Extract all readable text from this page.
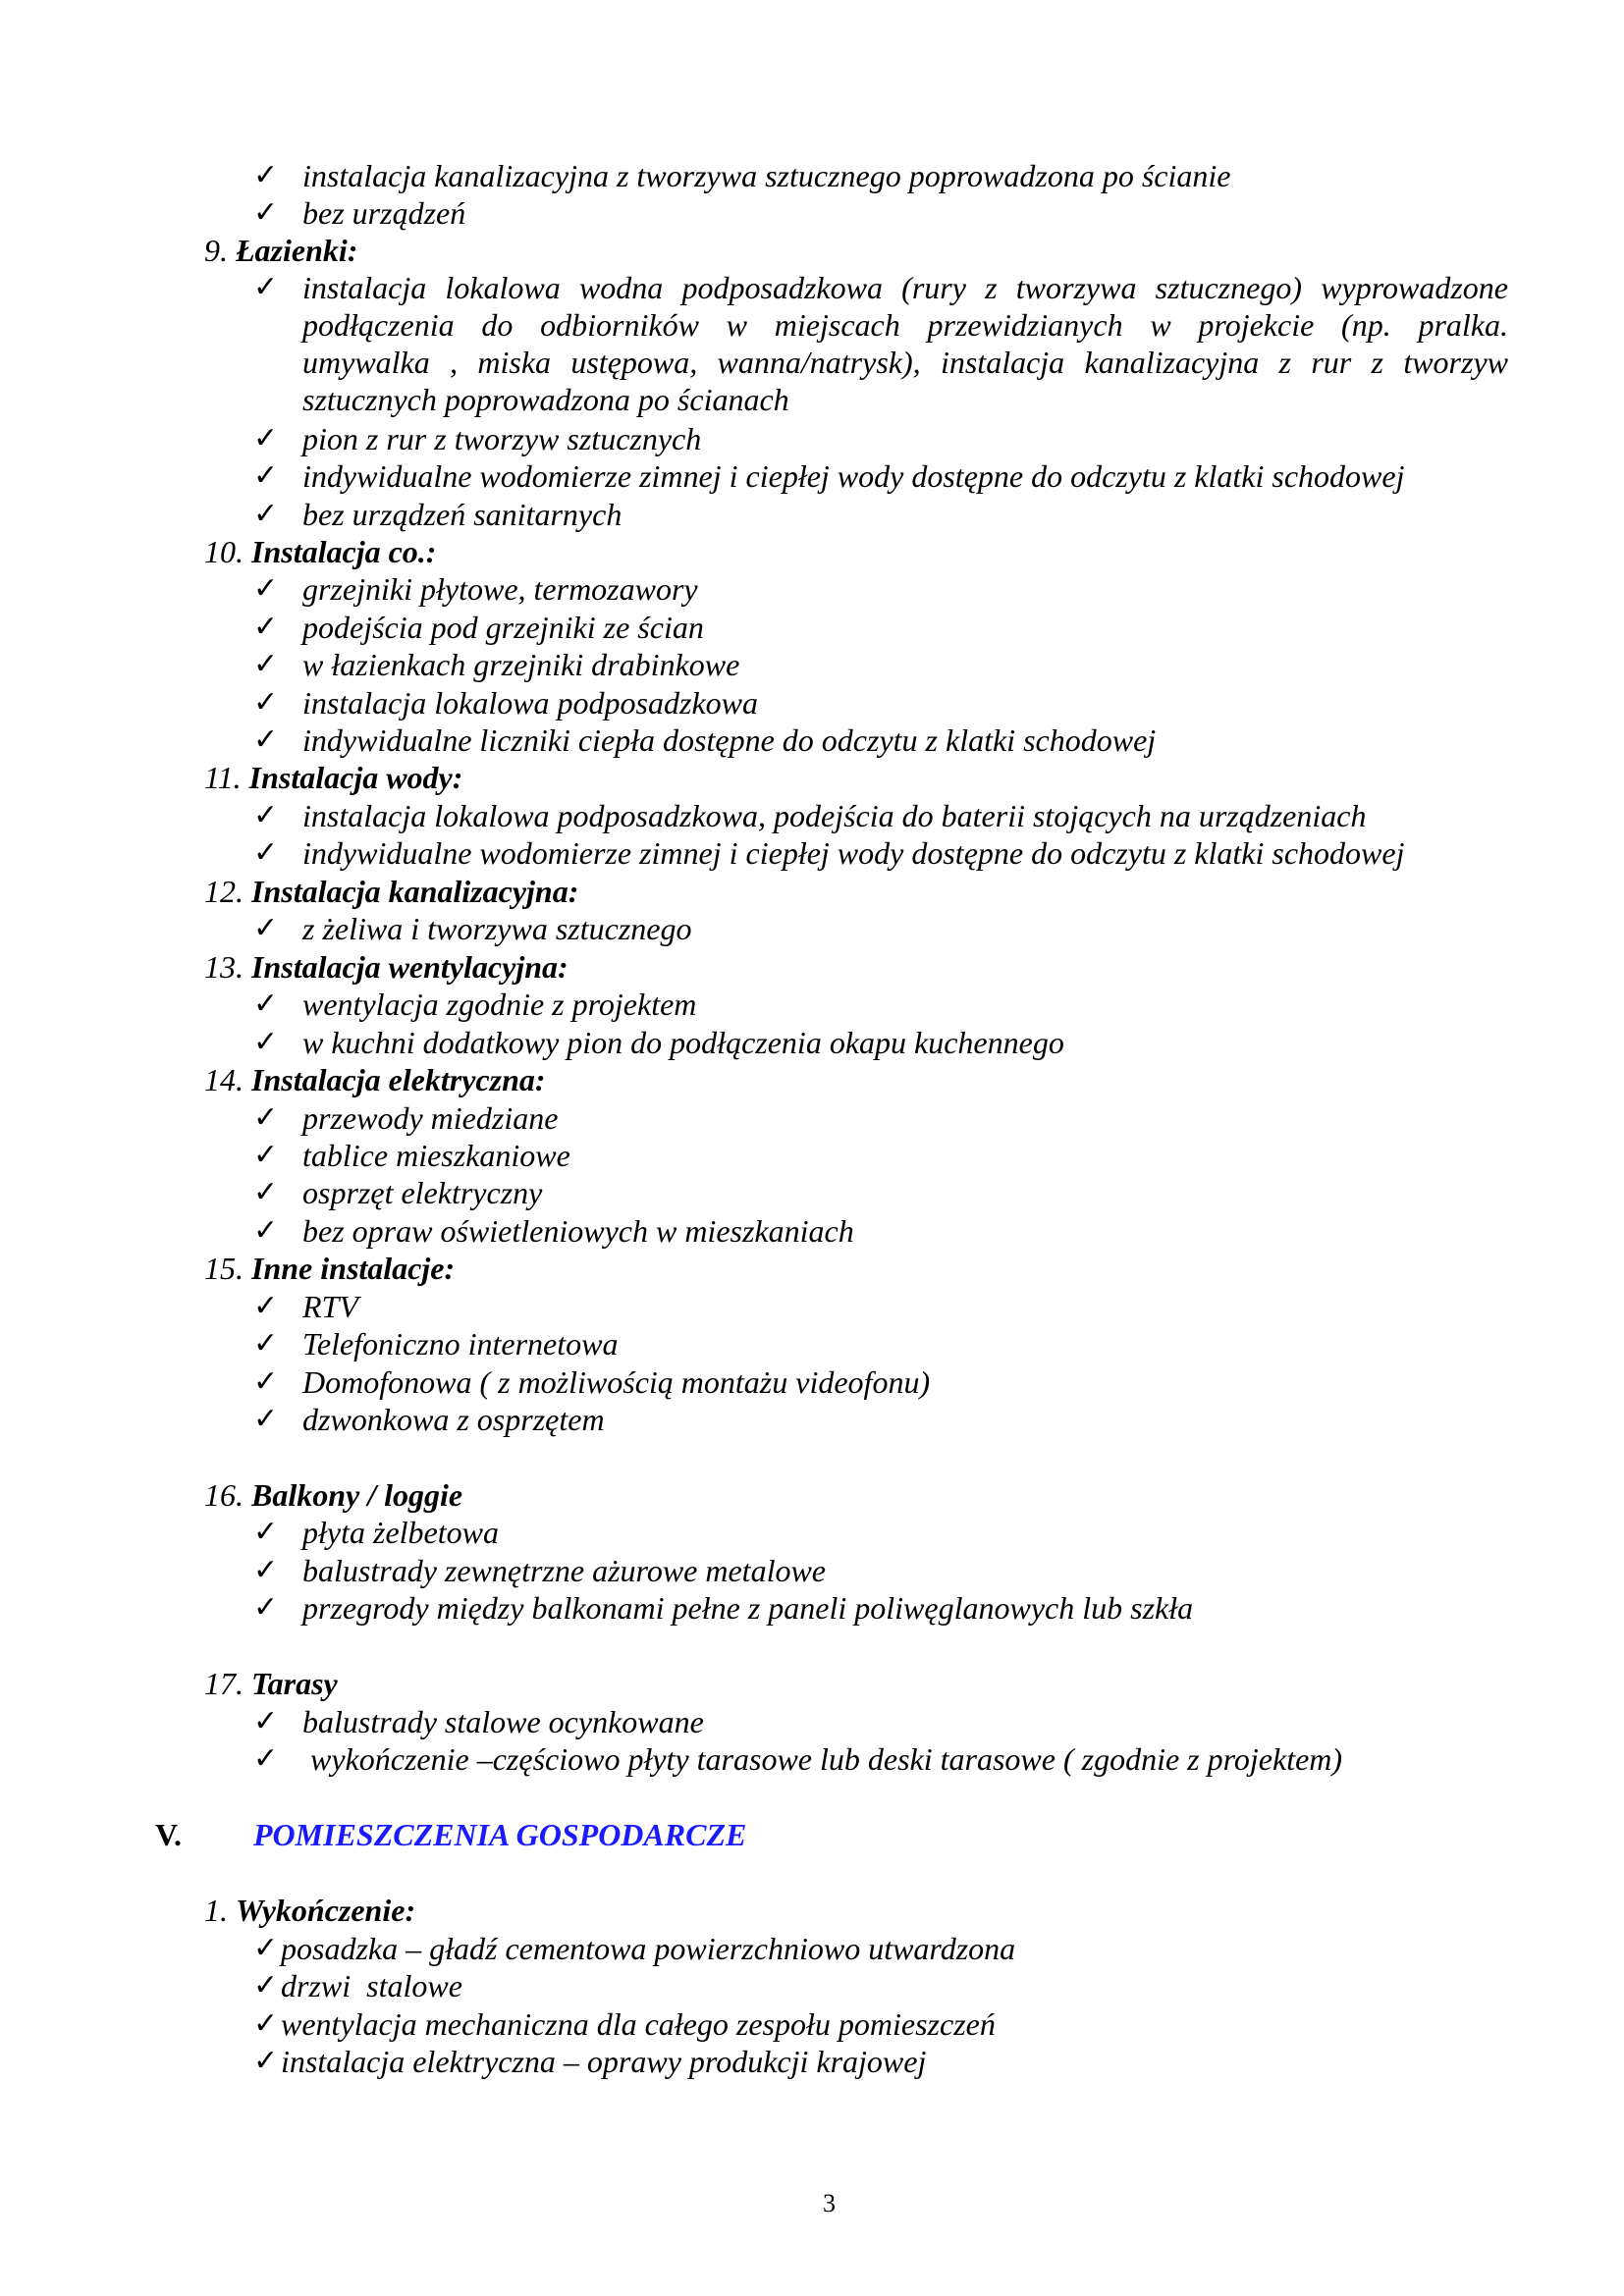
✓ instalacja kanalizacyjna z tworzywa sztucznego poprowadzona po ścianie
✓ bez urządzeń
9. Łazienki:
✓ instalacja lokalowa wodna podposadzkowa (rury z tworzywa sztucznego) wyprowadzone
podłączenia do odbiorników w miejscach przewidzianych w projekcie (np. pralka.
umywalka , miska ustępowa, wanna/natrysk), instalacja kanalizacyjna z rur z tworzyw
sztucznych poprowadzona po ścianach
✓ pion z rur z tworzyw sztucznych
✓ indywidualne wodomierze zimnej i ciepłej wody dostępne do odczytu z klatki schodowej
✓ bez urządzeń sanitarnych
10. Instalacja co.:
✓ grzejniki płytowe, termozawory
✓ podejścia pod grzejniki ze ścian
✓ w łazienkach grzejniki drabinkowe
✓ instalacja lokalowa podposadzkowa
✓ indywidualne liczniki ciepła dostępne do odczytu z klatki schodowej
11. Instalacja wody:
✓ instalacja lokalowa podposadzkowa, podejścia do baterii stojących na urządzeniach
✓ indywidualne wodomierze zimnej i ciepłej wody dostępne do odczytu z klatki schodowej
12. Instalacja kanalizacyjna:
✓ z żeliwa i tworzywa sztucznego
13. Instalacja wentylacyjna:
✓ wentylacja zgodnie z projektem
✓ w kuchni dodatkowy pion do podłączenia okapu kuchennego
14. Instalacja elektryczna:
✓ przewody miedziane
✓ tablice mieszkaniowe
✓ osprzęt elektryczny
✓ bez opraw oświetleniowych w mieszkaniach
15. Inne instalacje:
✓ RTV
✓ Telefoniczno internetowa
✓ Domofonowa ( z możliwością montażu videofonu)
✓ dzwonkowa z osprzętem
16. Balkony / loggie
✓ płyta żelbetowa
✓ balustrady zewnętrzne ażurowe metalowe
✓ przegrody między balkonami pełne z paneli poliwęglanowych lub szkła
17. Tarasy
✓ balustrady stalowe ocynkowane
✓ wykończenie –częściowo płyty tarasowe lub deski tarasowe ( zgodnie z projektem)
V. POMIESZCZENIA GOSPODARCZE
1. Wykończenie:
✓ posadzka – gładź cementowa powierzchniowo utwardzona
✓ drzwi  stalowe
✓ wentylacja mechaniczna dla całego zespołu pomieszczeń
✓ instalacja elektryczna – oprawy produkcji krajowej
3
